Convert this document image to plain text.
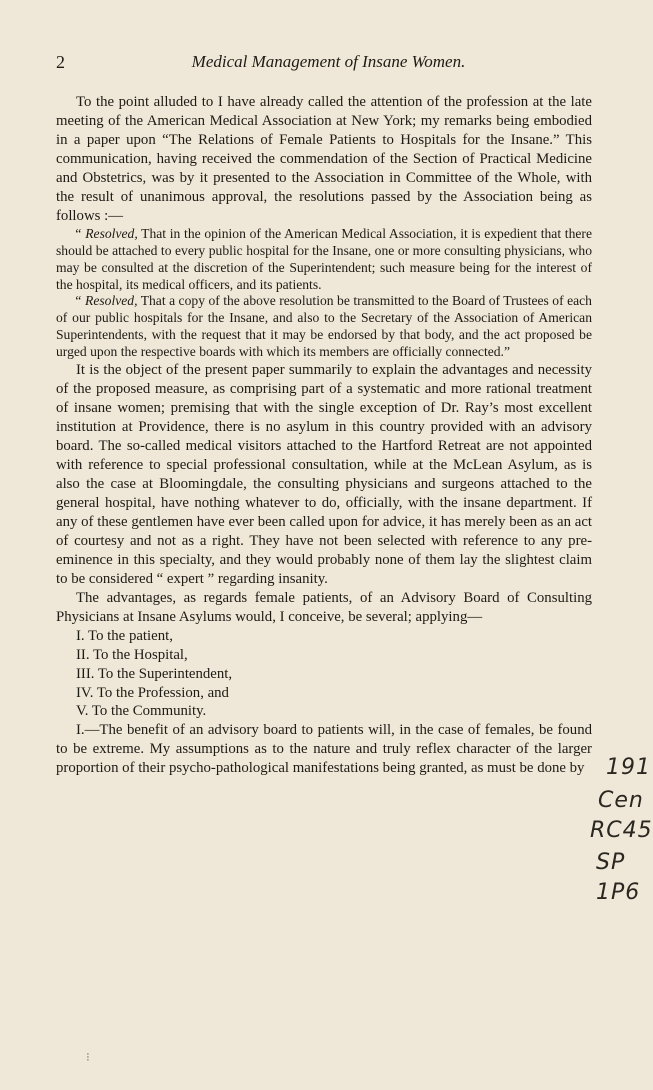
2	Medical Management of Insane Women.

To the point alluded to I have already called the attention of the profession at the late meeting of the American Medical Association at New York; my remarks being embodied in a paper upon “The Relations of Female Patients to Hospitals for the Insane.” This communication, having received the commendation of the Section of Practical Medicine and Obstetrics, was by it presented to the Association in Committee of the Whole, with the result of unanimous approval, the resolutions passed by the Association being as follows :—

“ Resolved, That in the opinion of the American Medical Association, it is expedient that there should be attached to every public hospital for the Insane, one or more consulting physicians, who may be consulted at the discretion of the Superintendent; such measure being for the interest of the hospital, its medical officers, and its patients.

“ Resolved, That a copy of the above resolution be transmitted to the Board of Trustees of each of our public hospitals for the Insane, and also to the Secretary of the Association of American Superintendents, with the request that it may be endorsed by that body, and the act proposed be urged upon the respective boards with which its members are officially connected.”

It is the object of the present paper summarily to explain the advantages and necessity of the proposed measure, as comprising part of a systematic and more rational treatment of insane women; premising that with the single exception of Dr. Ray’s most excellent institution at Providence, there is no asylum in this country provided with an advisory board. The so-called medical visitors attached to the Hartford Retreat are not appointed with reference to special professional consultation, while at the McLean Asylum, as is also the case at Bloomingdale, the consulting physicians and surgeons attached to the general hospital, have nothing whatever to do, officially, with the insane department. If any of these gentlemen have ever been called upon for advice, it has merely been as an act of courtesy and not as a right. They have not been selected with reference to any pre-eminence in this specialty, and they would probably none of them lay the slightest claim to be considered “ expert ” regarding insanity.

The advantages, as regards female patients, of an Advisory Board of Consulting Physicians at Insane Asylums would, I conceive, be several; applying—

I. To the patient,

II. To the Hospital,

III. To the Superintendent,

IV. To the Profession, and

V. To the Community.

I.—The benefit of an advisory board to patients will, in the case of females, be found to be extreme. My assumptions as to the nature and truly reflex character of the larger proportion of their psycho-pathological manifestations being granted, as must be done by 191
Cen
RC45
SP
1P6
⁝
